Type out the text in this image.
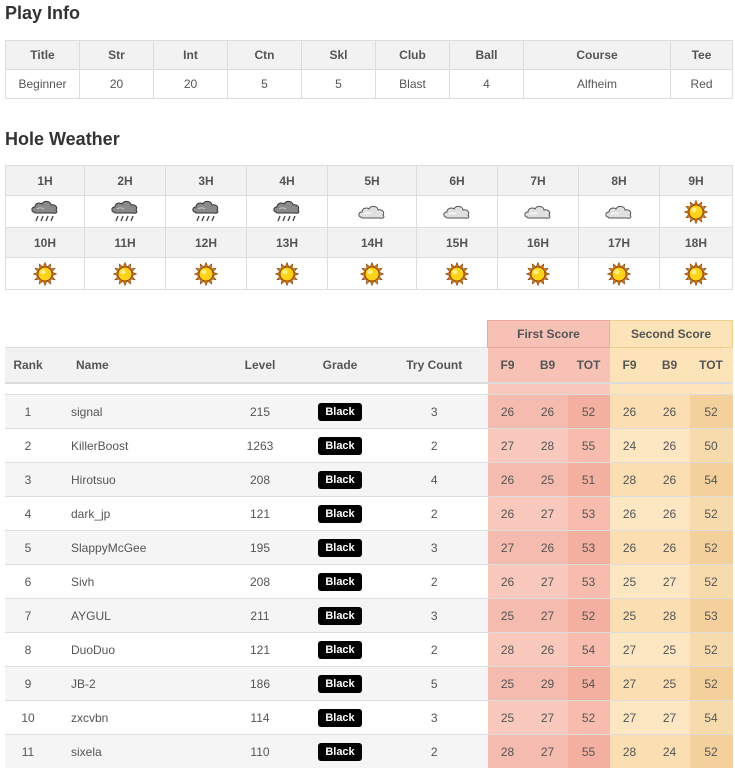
Play Info
Title	Str	Int	Ctn	Skl	Club	Ball	Course	Tee
Beginner	20	20	5	5	Blast	4	Alfheim	Red
Hole Weather
1H	2H	3H	4H	5H	6H	7H	8H	9H

10H	11H	12H	13H	14H	15H	16H	17H	18H

					First Score			Second Score		
Rank	Name	Level	Grade	Try Count	F9	B9	TOT	F9	B9	TOT

1	signal	215	Black	3	26	26	52	26	26	52
2	KillerBoost	1263	Black	2	27	28	55	24	26	50
3	Hirotsuo	208	Black	4	26	25	51	28	26	54
4	dark_jp	121	Black	2	26	27	53	26	26	52
5	SlappyMcGee	195	Black	3	27	26	53	26	26	52
6	Sivh	208	Black	2	26	27	53	25	27	52
7	AYGUL	211	Black	3	25	27	52	25	28	53
8	DuoDuo	121	Black	2	28	26	54	27	25	52
9	JB-2	186	Black	5	25	29	54	27	25	52
10	zxcvbn	114	Black	3	25	27	52	27	27	54
11	sixela	110	Black	2	28	27	55	28	24	52
